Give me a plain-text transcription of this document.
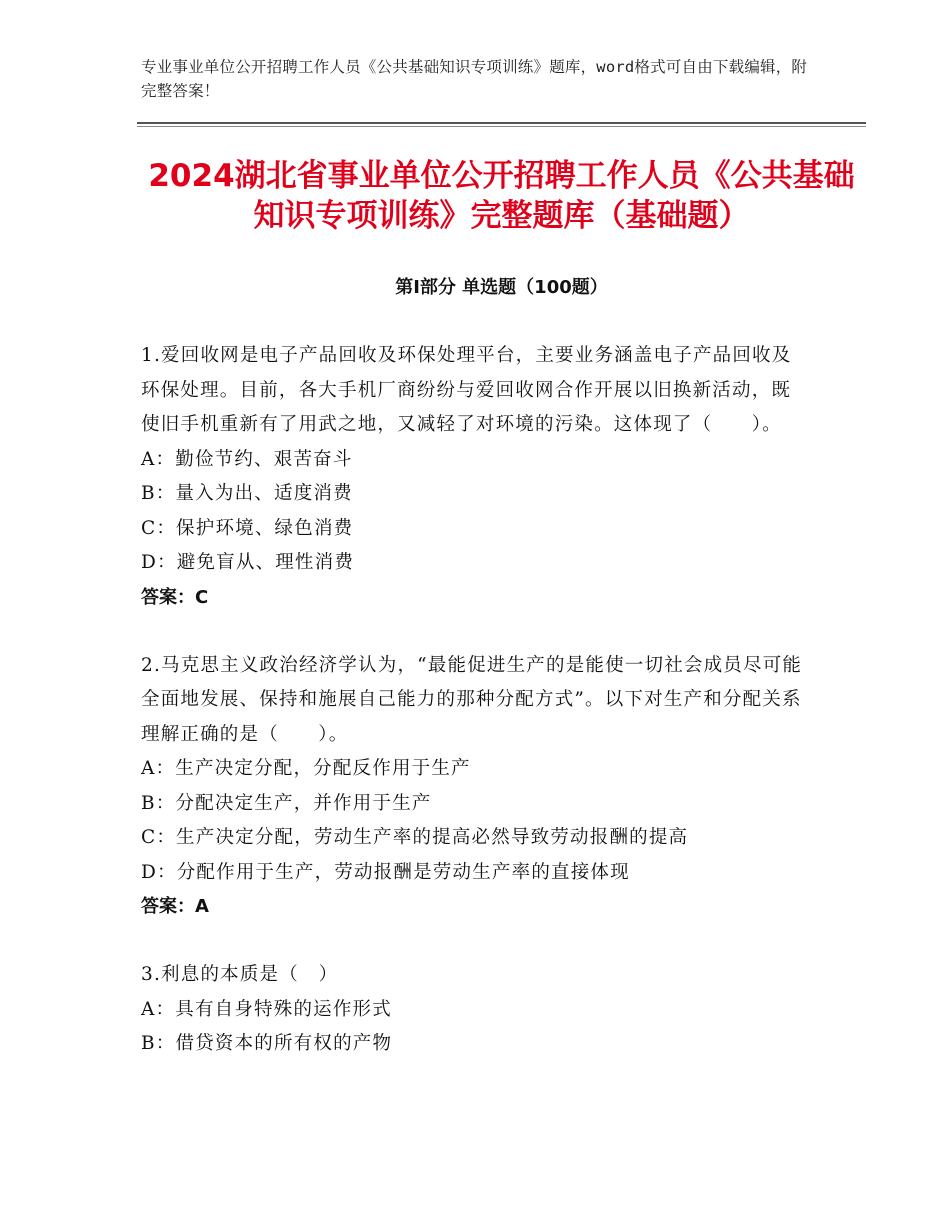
专业事业单位公开招聘工作人员《公共基础知识专项训练》题库，word格式可自由下载编辑，附完整答案！
2024湖北省事业单位公开招聘工作人员《公共基础知识专项训练》完整题库（基础题）
第Ⅰ部分 单选题（100题）
1.爱回收网是电子产品回收及环保处理平台，主要业务涵盖电子产品回收及环保处理。目前，各大手机厂商纷纷与爱回收网合作开展以旧换新活动，既使旧手机重新有了用武之地，又减轻了对环境的污染。这体现了（　　）。
A：勤俭节约、艰苦奋斗
B：量入为出、适度消费
C：保护环境、绿色消费
D：避免盲从、理性消费
答案：C
2.马克思主义政治经济学认为，“最能促进生产的是能使一切社会成员尽可能全面地发展、保持和施展自己能力的那种分配方式”。以下对生产和分配关系理解正确的是（　　）。
A：生产决定分配，分配反作用于生产
B：分配决定生产，并作用于生产
C：生产决定分配，劳动生产率的提高必然导致劳动报酬的提高
D：分配作用于生产，劳动报酬是劳动生产率的直接体现
答案：A
3.利息的本质是（　）
A：具有自身特殊的运作形式
B：借贷资本的所有权的产物
